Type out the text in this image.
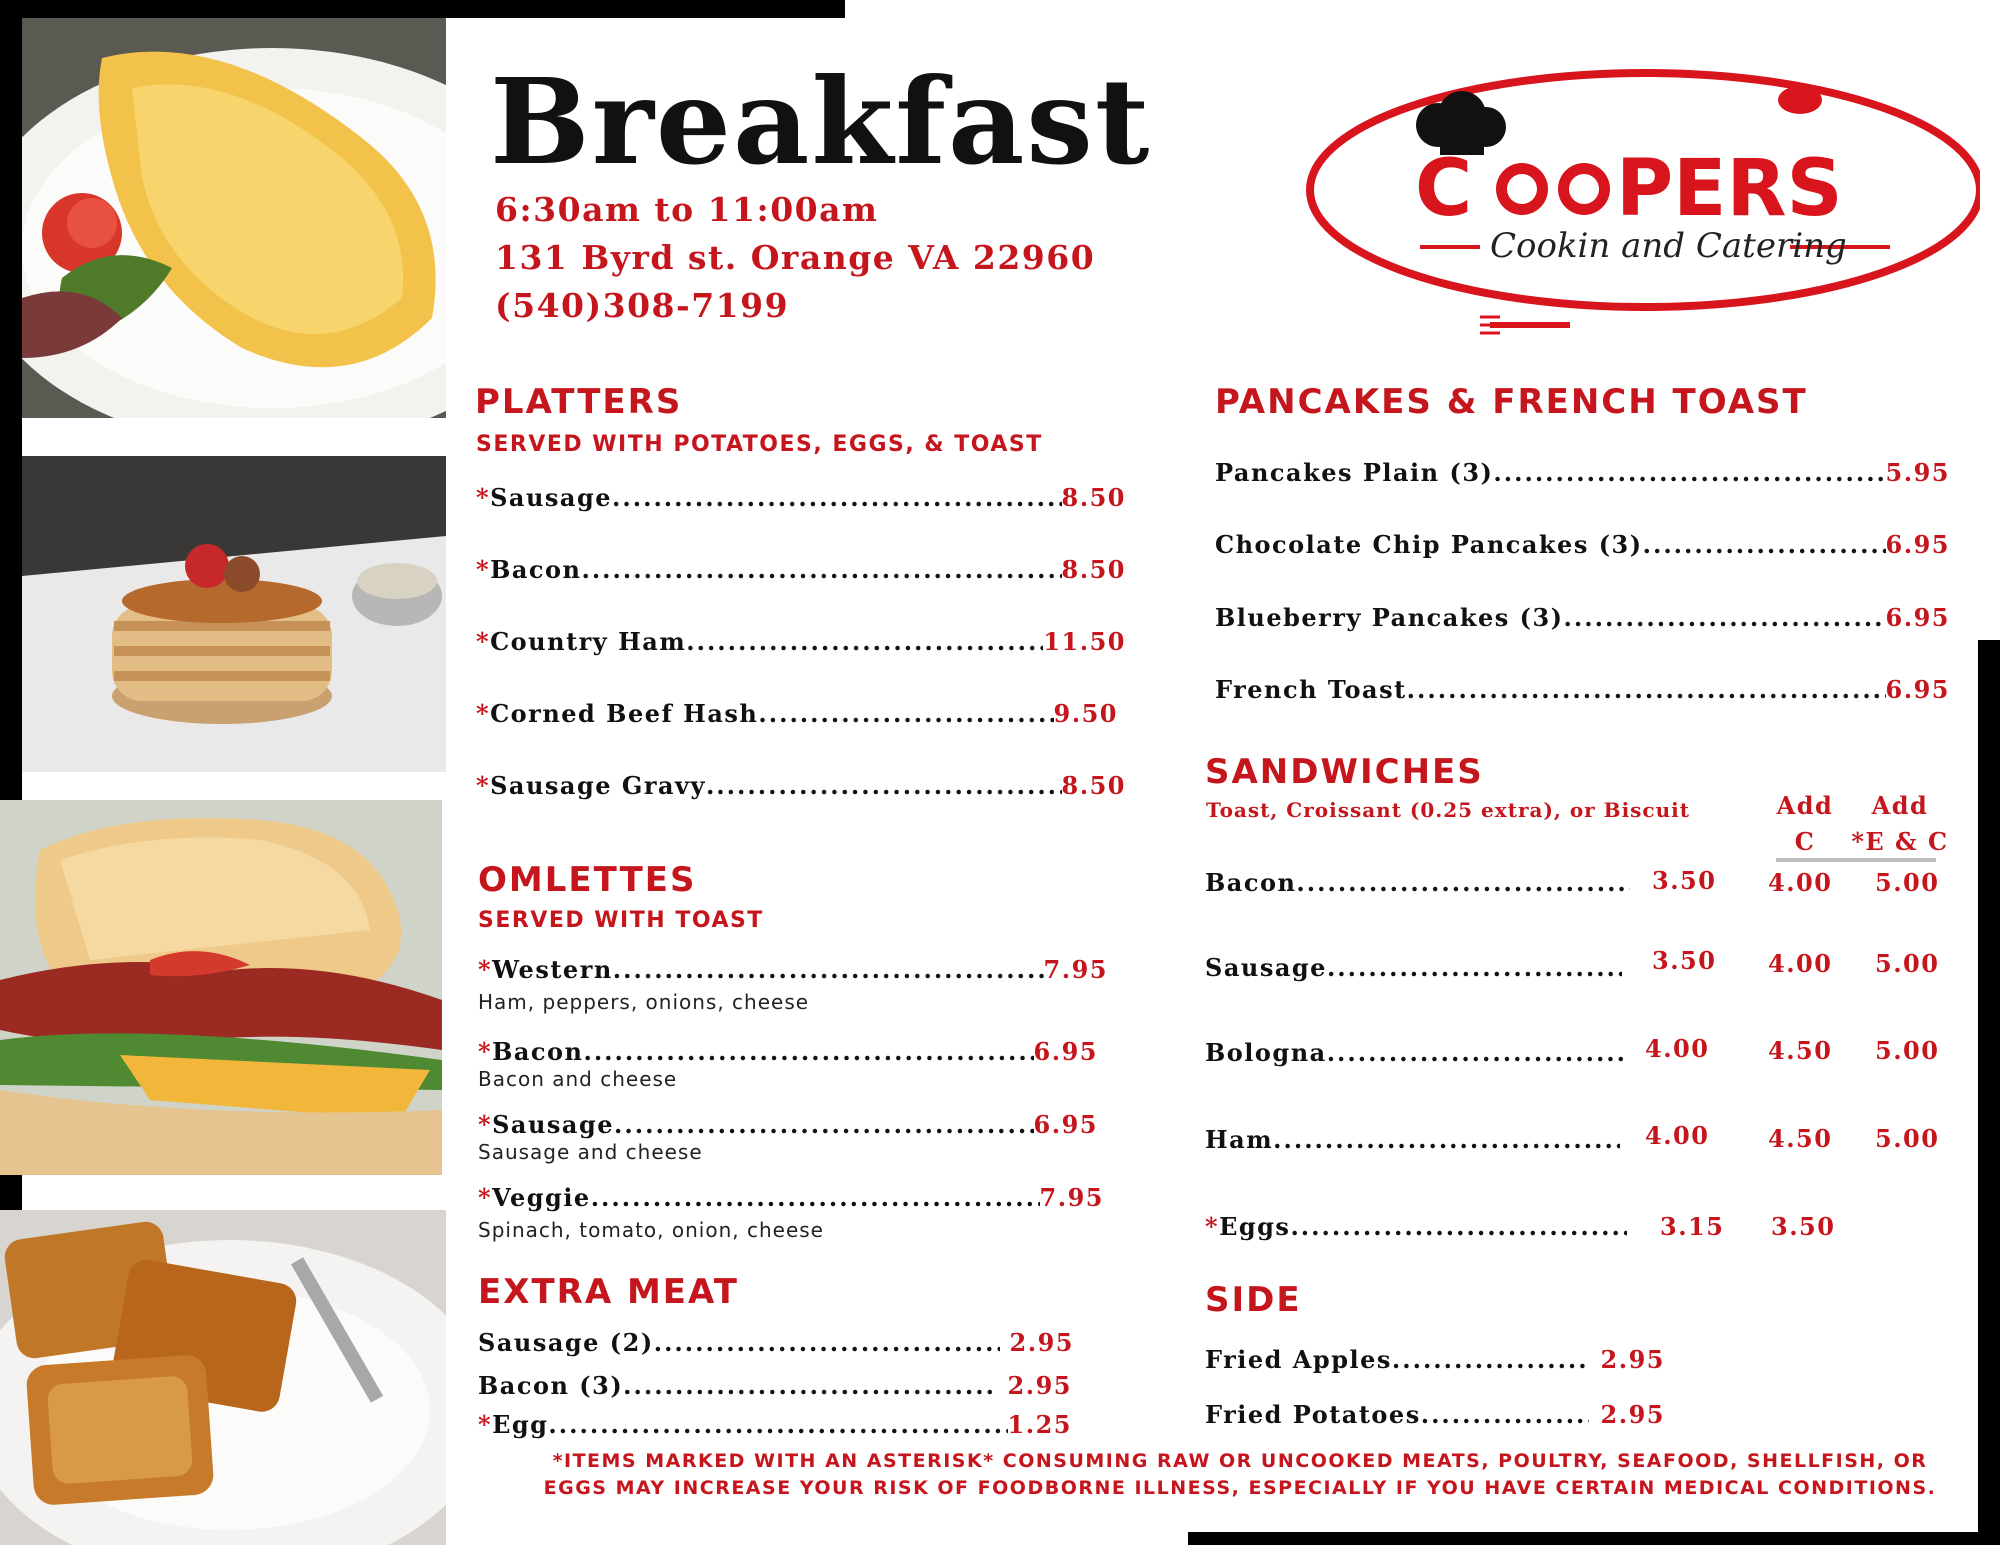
Breakfast
6:30am to 11:00am
131 Byrd st. Orange VA 22960
(540)308-7199
C PERS
Cookin and Catering
PLATTERS
SERVED WITH POTATOES, EGGS, & TOAST
* Sausage .....	8.50
* Bacon .....	8.50
* Country Ham .....	11.50
* Corned Beef Hash .....	9.50
* Sausage Gravy .....	8.50
OMLETTES
SERVED WITH TOAST
* Western .....	7.95
Ham, peppers, onions, cheese
* Bacon .....	6.95
Bacon and cheese
* Sausage .....	6.95
Sausage and cheese
* Veggie .....	7.95
Spinach, tomato, onion, cheese
EXTRA MEAT
Sausage (2) .....	2.95
Bacon (3) .....	2.95
* Egg .....	1.25
PANCAKES & FRENCH TOAST
Pancakes Plain (3) .....	5.95
Chocolate Chip Pancakes (3) .....	6.95
Blueberry Pancakes (3) .....	6.95
French Toast .....	6.95
SANDWICHES
Toast, Croissant (0.25 extra), or Biscuit	Add
C
Add
*E & C
Bacon .....	3.50 4.00 5.00
Sausage .....	3.50 4.00 5.00
Bologna .....	4.00 4.50 5.00
Ham .....	4.00 4.50 5.00
* Eggs .....	3.15 3.50
SIDE
Fried Apples .....	2.95
Fried Potatoes .....	2.95
*ITEMS MARKED WITH AN ASTERISK* CONSUMING RAW OR UNCOOKED MEATS, POULTRY, SEAFOOD, SHELLFISH, OR EGGS MAY INCREASE YOUR RISK OF FOODBORNE ILLNESS, ESPECIALLY IF YOU HAVE CERTAIN MEDICAL CONDITIONS.
